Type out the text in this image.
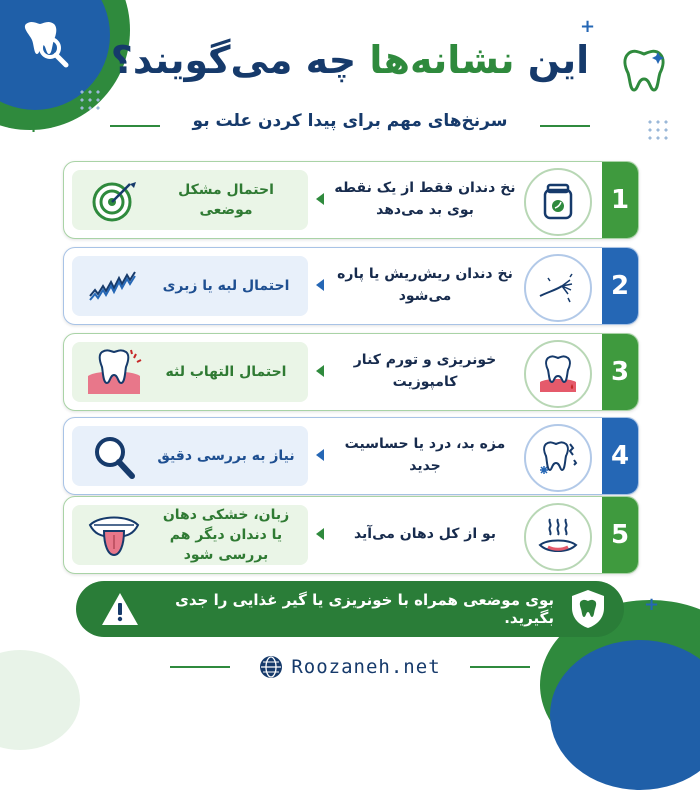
+
+
+
این نشانه‌ها چه می‌گویند؟
سرنخ‌های مهم برای پیدا کردن علت بو
1
نخ دندان فقط از یک نقطه بوی بد می‌دهد
احتمال مشکل موضعی
2
نخ دندان ریش‌ریش یا پاره می‌شود
احتمال لبه یا زبری
3
خونریزی و تورم کنار کامپوزیت
احتمال التهاب لثه
4
مزه بد، درد یا حساسیت جدید
نیاز به بررسی دقیق
5
بو از کل دهان می‌آید
زبان، خشکی دهان یا دندان دیگر هم بررسی شود
بوی موضعی همراه با خونریزی یا گیر غذایی را جدی بگیرید.
Roozaneh.net
